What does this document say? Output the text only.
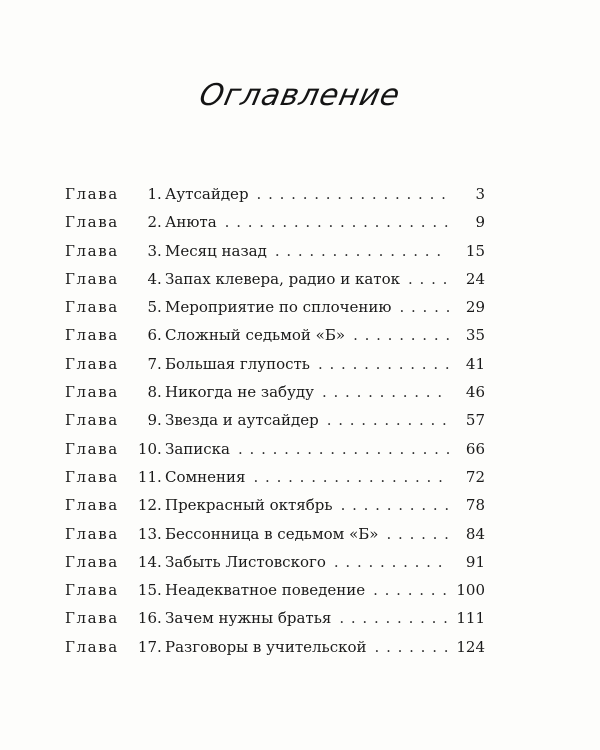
Оглавление
Глава	1 . Аутсайдер . . .	3
Глава	2 . Анюта . . .	9
Глава	3 . Месяц назад . . .	15
Глава	4 . Запах клевера, радио и каток . . .	24
Глава	5 . Мероприятие по сплочению . . .	29
Глава	6 . Сложный седьмой «Б» . . .	35
Глава	7 . Большая глупость . . .	41
Глава	8 . Никогда не забуду . . .	46
Глава	9 . Звезда и аутсайдер . . .	57
Глава	10 . Записка . . .	66
Глава	11 . Сомнения . . .	72
Глава	12 . Прекрасный октябрь . . .	78
Глава	13 . Бессонница в седьмом «Б» . . .	84
Глава	14 . Забыть Листовского . . .	91
Глава	15 . Неадекватное поведение . . .	100
Глава	16 . Зачем нужны братья . . .	111
Глава	17 . Разговоры в учительской . . .	124
